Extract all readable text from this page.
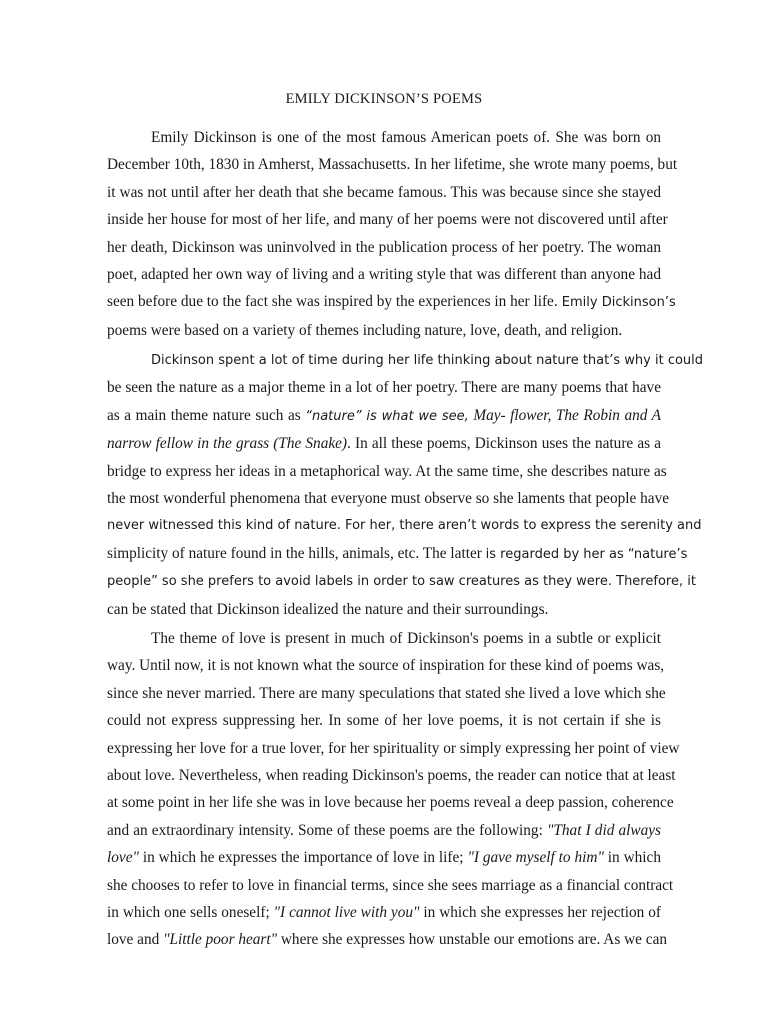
EMILY DICKINSON’S POEMS
Emily Dickinson is one of the most famous American poets of. She was born on
December 10th, 1830 in Amherst, Massachusetts. In her lifetime, she wrote many poems, but
it was not until after her death that she became famous. This was because since she stayed
inside her house for most of her life, and many of her poems were not discovered until after
her death, Dickinson was uninvolved in the publication process of her poetry. The woman
poet, adapted her own way of living and a writing style that was different than anyone had
seen before due to the fact she was inspired by the experiences in her life. Emily Dickinson’s
poems were based on a variety of themes including nature, love, death, and religion.
Dickinson spent a lot of time during her life thinking about nature that’s why it could
be seen the nature as a major theme in a lot of her poetry. There are many poems that have
as a main theme nature such as “nature” is what we see, May- flower, The Robin and A
narrow fellow in the grass (The Snake). In all these poems, Dickinson uses the nature as a
bridge to express her ideas in a metaphorical way. At the same time, she describes nature as
the most wonderful phenomena that everyone must observe so she laments that people have
never witnessed this kind of nature. For her, there aren’t words to express the serenity and
simplicity of nature found in the hills, animals, etc. The latter is regarded by her as “nature’s
people” so she prefers to avoid labels in order to saw creatures as they were. Therefore, it
can be stated that Dickinson idealized the nature and their surroundings.
The theme of love is present in much of Dickinson's poems in a subtle or explicit
way. Until now, it is not known what the source of inspiration for these kind of poems was,
since she never married. There are many speculations that stated she lived a love which she
could not express suppressing her. In some of her love poems, it is not certain if she is
expressing her love for a true lover, for her spirituality or simply expressing her point of view
about love. Nevertheless, when reading Dickinson's poems, the reader can notice that at least
at some point in her life she was in love because her poems reveal a deep passion, coherence
and an extraordinary intensity. Some of these poems are the following: "That I did always
love" in which he expresses the importance of love in life; "I gave myself to him" in which
she chooses to refer to love in financial terms, since she sees marriage as a financial contract
in which one sells oneself; "I cannot live with you" in which she expresses her rejection of
love and "Little poor heart" where she expresses how unstable our emotions are. As we can
